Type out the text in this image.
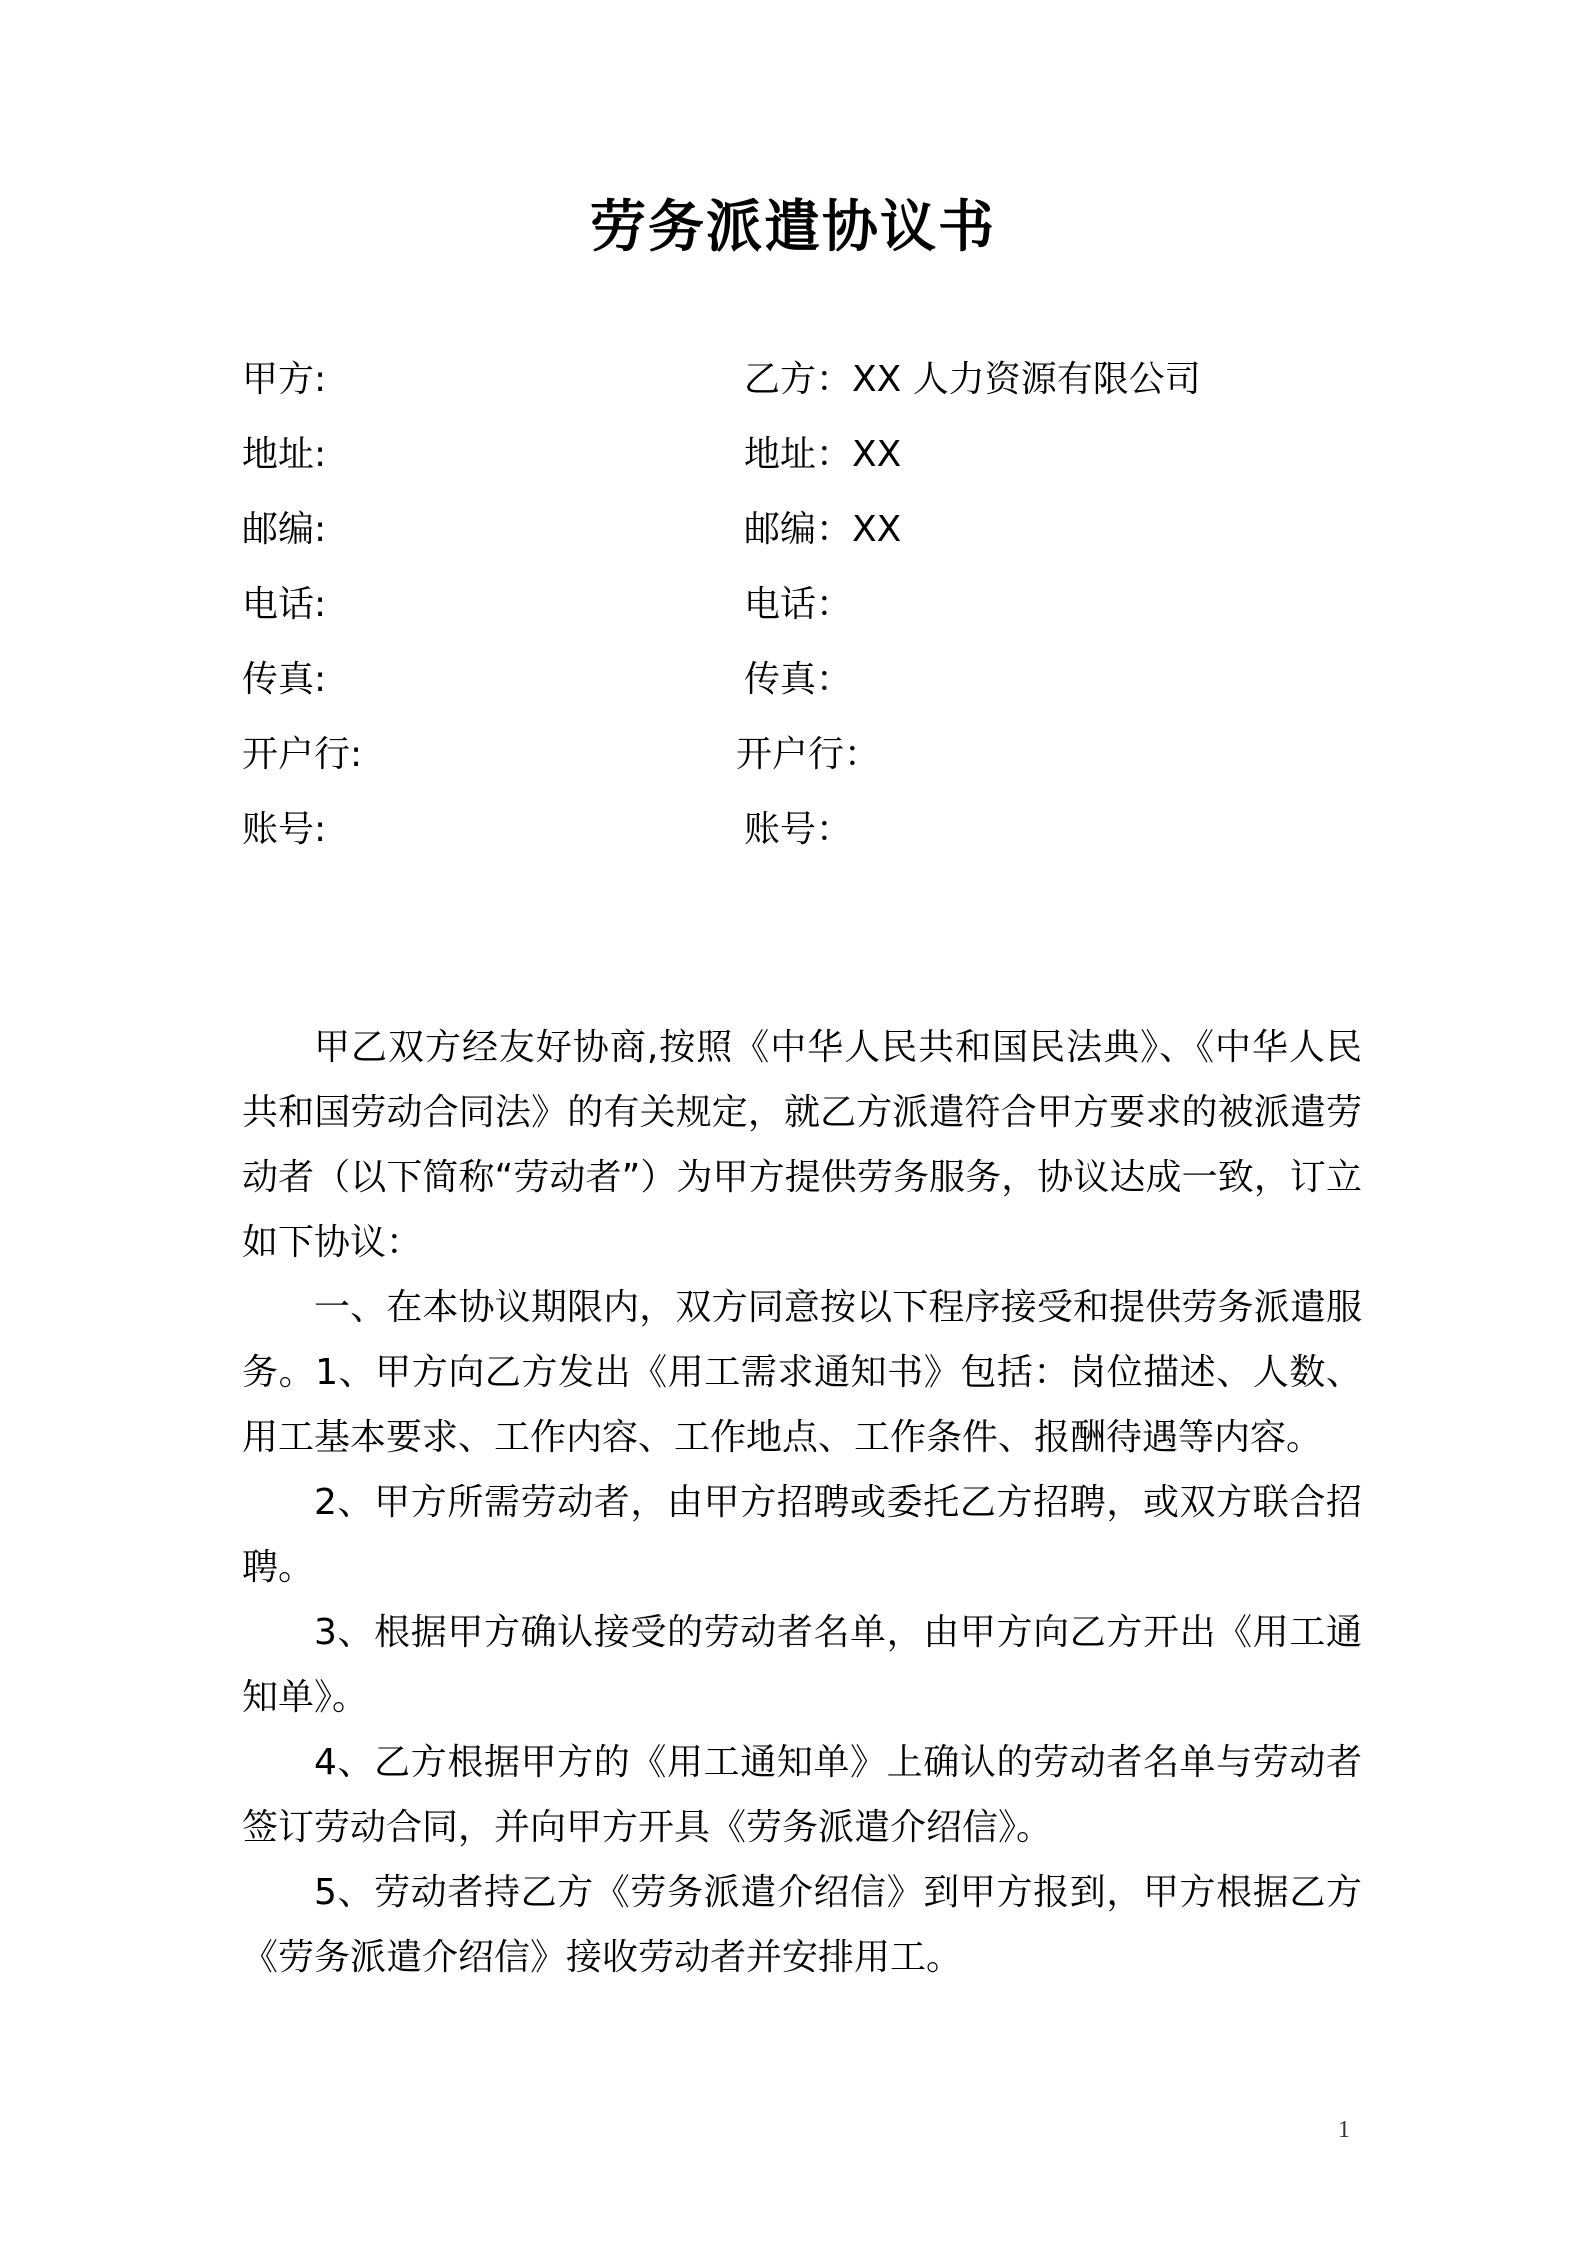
劳务派遣协议书
甲方:
地址:
邮编:
电话:
传真:
开户行:
账号:
乙方：XX 人力资源有限公司
地址：XX
邮编：XX
电话：
传真：
开户行：
账号：

甲乙双方经友好协商,按照《中华人民共和国民法典》、《中华人民共和国劳动合同法》的有关规定，就乙方派遣符合甲方要求的被派遣劳动者（以下简称“劳动者”）为甲方提供劳务服务，协议达成一致，订立如下协议：

一、在本协议期限内，双方同意按以下程序接受和提供劳务派遣服务。1、甲方向乙方发出《用工需求通知书》包括：岗位描述、人数、用工基本要求、工作内容、工作地点、工作条件、报酬待遇等内容。

2、甲方所需劳动者，由甲方招聘或委托乙方招聘，或双方联合招聘。

3、根据甲方确认接受的劳动者名单，由甲方向乙方开出《用工通知单》。

4、乙方根据甲方的《用工通知单》上确认的劳动者名单与劳动者签订劳动合同，并向甲方开具《劳务派遣介绍信》。

5、劳动者持乙方《劳务派遣介绍信》到甲方报到，甲方根据乙方《劳务派遣介绍信》接收劳动者并安排用工。

1
